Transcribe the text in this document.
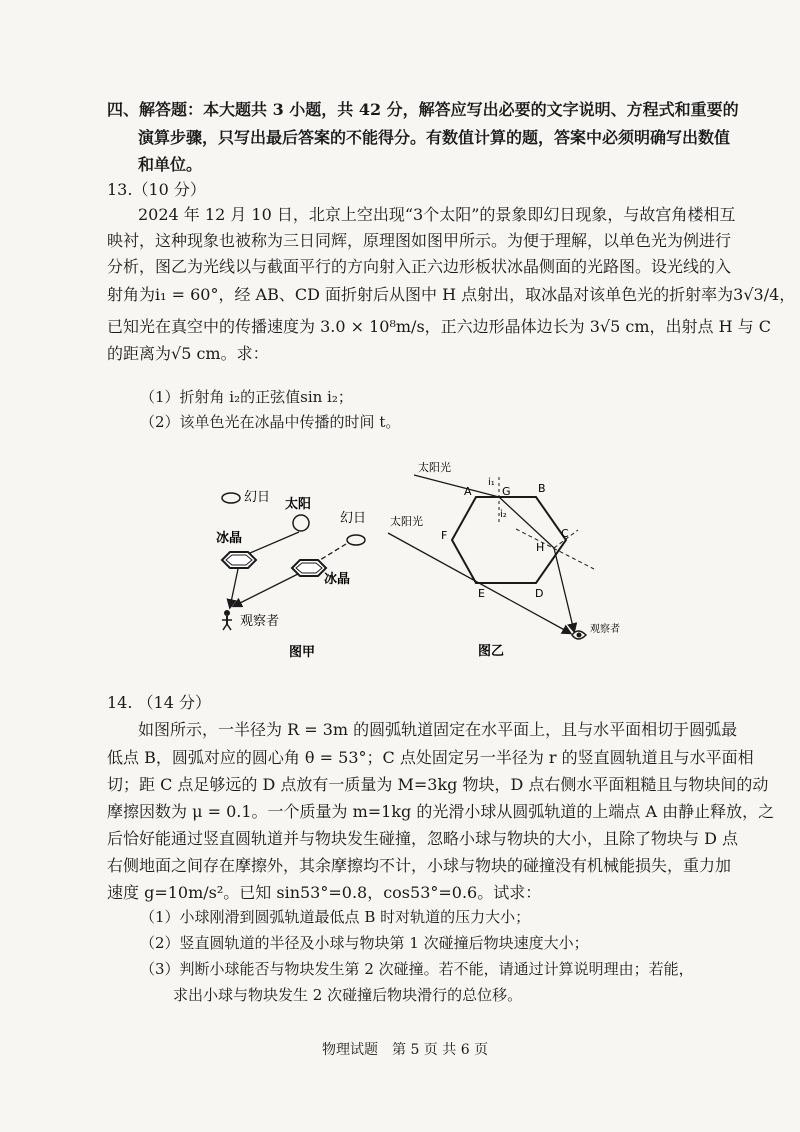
四、解答题：本大题共 3 小题，共 42 分，解答应写出必要的文字说明、方程式和重要的
演算步骤，只写出最后答案的不能得分。有数值计算的题，答案中必须明确写出数值
和单位。
13.（10 分）
2024 年 12 月 10 日，北京上空出现“3个太阳”的景象即幻日现象，与故宫角楼相互
映衬，这种现象也被称为三日同辉，原理图如图甲所示。为便于理解，以单色光为例进行
分析，图乙为光线以与截面平行的方向射入正六边形板状冰晶侧面的光路图。设光线的入
射角为i₁ = 60°，经 AB、CD 面折射后从图中 H 点射出，取冰晶对该单色光的折射率为3√3/4，
已知光在真空中的传播速度为 3.0 × 10⁸m/s，正六边形晶体边长为 3√5 cm，出射点 H 与 C
的距离为√5 cm。求：
（1）折射角 i₂的正弦值sin i₂；
（2）该单色光在冰晶中传播的时间 t。
幻日 太阳
幻日
冰晶
冰晶
观察者
图甲
太阳光
太阳光
A	B
C
D
E
F
G
H
i₁
i₂
观察者
图乙
14. （14 分）
如图所示，一半径为 R = 3m 的圆弧轨道固定在水平面上，且与水平面相切于圆弧最
低点 B，圆弧对应的圆心角 θ = 53°；C 点处固定另一半径为 r 的竖直圆轨道且与水平面相
切；距 C 点足够远的 D 点放有一质量为 M=3kg 物块，D 点右侧水平面粗糙且与物块间的动
摩擦因数为 μ = 0.1。一个质量为 m=1kg 的光滑小球从圆弧轨道的上端点 A 由静止释放，之
后恰好能通过竖直圆轨道并与物块发生碰撞，忽略小球与物块的大小，且除了物块与 D 点
右侧地面之间存在摩擦外，其余摩擦均不计，小球与物块的碰撞没有机械能损失，重力加
速度 g=10m/s²。已知 sin53°=0.8，cos53°=0.6。试求：
（1）小球刚滑到圆弧轨道最低点 B 时对轨道的压力大小；
（2）竖直圆轨道的半径及小球与物块第 1 次碰撞后物块速度大小；
（3）判断小球能否与物块发生第 2 次碰撞。若不能，请通过计算说明理由；若能，
求出小球与物块发生 2 次碰撞后物块滑行的总位移。
物理试题　第 5 页 共 6 页
